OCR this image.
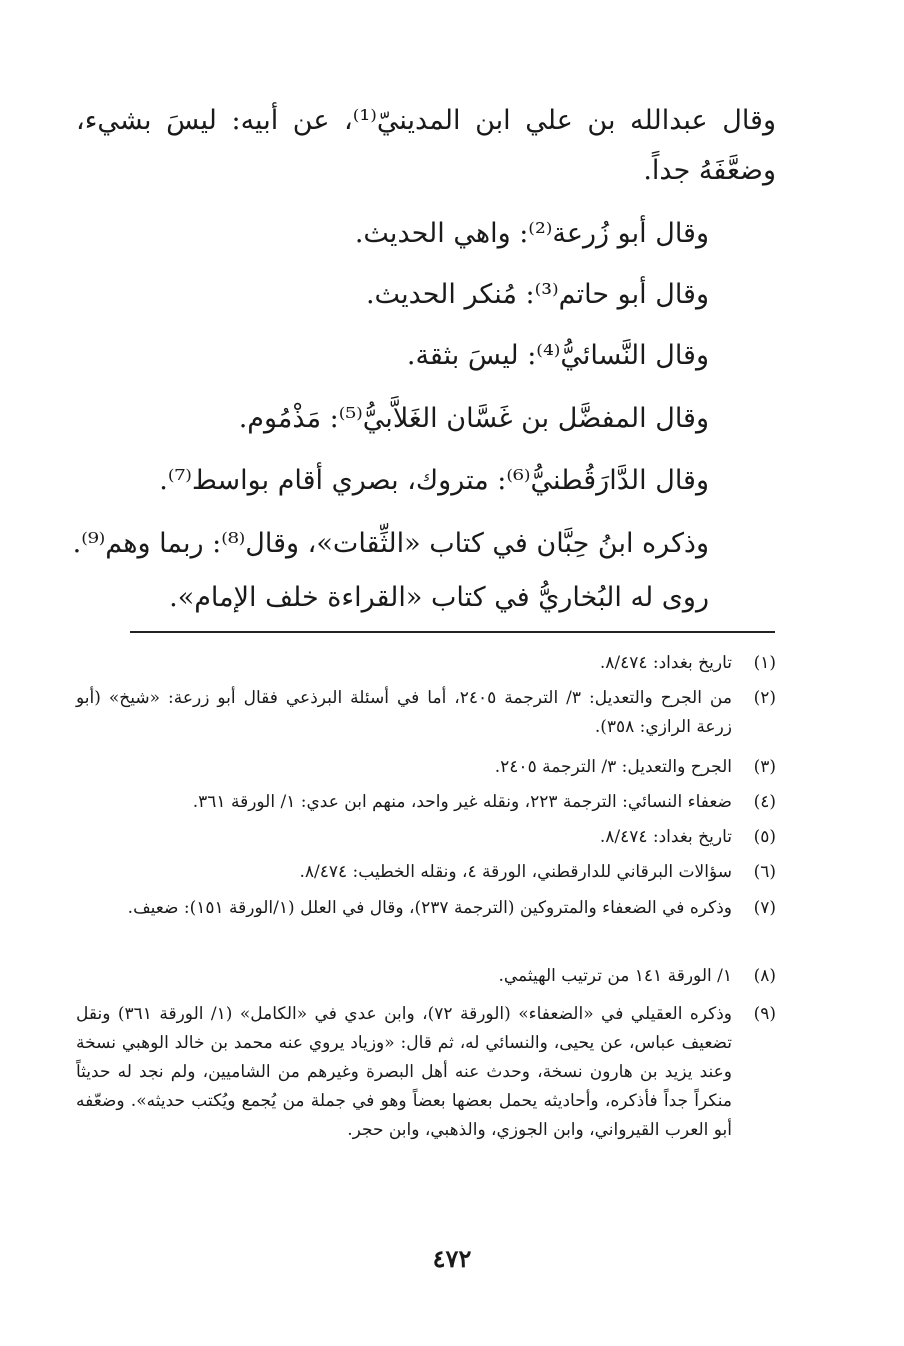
وقال عبدالله بن علي ابن المدينيّ⁽¹⁾، عن أبيه: ليسَ بشيء، وضعَّفَهُ جداً.

وقال أبو زُرعة⁽²⁾: واهي الحديث.

وقال أبو حاتم⁽³⁾: مُنكر الحديث.

وقال النَّسائيُّ⁽⁴⁾: ليسَ بثقة.

وقال المفضَّل بن غَسَّان الغَلاَّبيُّ⁽⁵⁾: مَذْمُوم.

وقال الدَّارَقُطنيُّ⁽⁶⁾: متروك، بصري أقام بواسط⁽⁷⁾.

وذكره ابنُ حِبَّان في كتاب «الثِّقات»، وقال⁽⁸⁾: ربما وهم⁽⁹⁾.

روى له البُخاريُّ في كتاب «القراءة خلف الإمام».

(١)
تاريخ بغداد: ٨/٤٧٤.
(٢)
من الجرح والتعديل: ٣/ الترجمة ٢٤٠٥، أما في أسئلة البرذعي فقال أبو زرعة: «شيخ» (أبو زرعة الرازي: ٣٥٨).
(٣)
الجرح والتعديل: ٣/ الترجمة ٢٤٠٥.
(٤)
ضعفاء النسائي: الترجمة ٢٢٣، ونقله غير واحد، منهم ابن عدي: ١/ الورقة ٣٦١.
(٥)
تاريخ بغداد: ٨/٤٧٤.
(٦)
سؤالات البرقاني للدارقطني، الورقة ٤، ونقله الخطيب: ٨/٤٧٤.
(٧)
وذكره في الضعفاء والمتروكين (الترجمة ٢٣٧)، وقال في العلل (١/الورقة ١٥١): ضعيف.
(٨)
١/ الورقة ١٤١ من ترتيب الهيثمي.
(٩)
وذكره العقيلي في «الضعفاء» (الورقة ٧٢)، وابن عدي في «الكامل» (١/ الورقة ٣٦١) ونقل تضعيف عباس، عن يحيى، والنسائي له، ثم قال: «وزياد يروي عنه محمد بن خالد الوهبي نسخة وعند يزيد بن هارون نسخة، وحدث عنه أهل البصرة وغيرهم من الشاميين، ولم نجد له حديثاً منكراً جداً فأذكره، وأحاديثه يحمل بعضها بعضاً وهو في جملة من يُجمع ويُكتب حديثه». وضعّفه أبو العرب القيرواني، وابن الجوزي، والذهبي، وابن حجر.
٤٧٢
